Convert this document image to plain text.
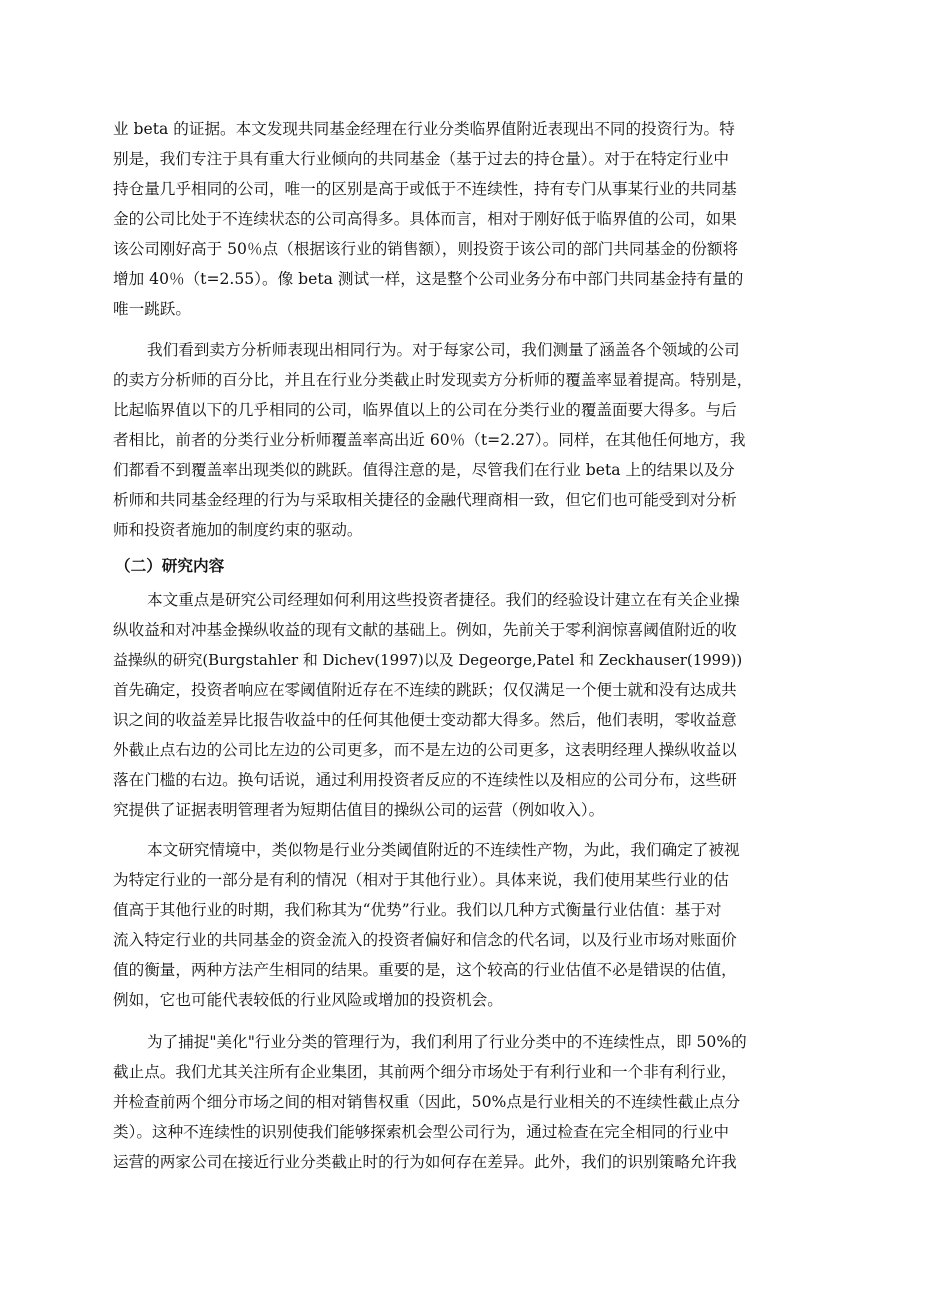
业 beta 的证据。本文发现共同基金经理在行业分类临界值附近表现出不同的投资行为。特
别是，我们专注于具有重大行业倾向的共同基金（基于过去的持仓量）。对于在特定行业中
持仓量几乎相同的公司，唯一的区别是高于或低于不连续性，持有专门从事某行业的共同基
金的公司比处于不连续状态的公司高得多。具体而言，相对于刚好低于临界值的公司，如果
该公司刚好高于 50％点（根据该行业的销售额），则投资于该公司的部门共同基金的份额将
增加 40％（t=2.55）。像 beta 测试一样，这是整个公司业务分布中部门共同基金持有量的
唯一跳跃。
我们看到卖方分析师表现出相同行为。对于每家公司，我们测量了涵盖各个领域的公司
的卖方分析师的百分比，并且在行业分类截止时发现卖方分析师的覆盖率显着提高。特别是，
比起临界值以下的几乎相同的公司，临界值以上的公司在分类行业的覆盖面要大得多。与后
者相比，前者的分类行业分析师覆盖率高出近 60％（t=2.27）。同样，在其他任何地方，我
们都看不到覆盖率出现类似的跳跃。值得注意的是，尽管我们在行业 beta 上的结果以及分
析师和共同基金经理的行为与采取相关捷径的金融代理商相一致，但它们也可能受到对分析
师和投资者施加的制度约束的驱动。
（二）研究内容
本文重点是研究公司经理如何利用这些投资者捷径。我们的经验设计建立在有关企业操
纵收益和对冲基金操纵收益的现有文献的基础上。例如，先前关于零利润惊喜阈值附近的收
益操纵的研究(Burgstahler 和 Dichev(1997)以及 Degeorge,Patel 和 Zeckhauser(1999))
首先确定，投资者响应在零阈值附近存在不连续的跳跃；仅仅满足一个便士就和没有达成共
识之间的收益差异比报告收益中的任何其他便士变动都大得多。然后，他们表明，零收益意
外截止点右边的公司比左边的公司更多，而不是左边的公司更多，这表明经理人操纵收益以
落在门槛的右边。换句话说，通过利用投资者反应的不连续性以及相应的公司分布，这些研
究提供了证据表明管理者为短期估值目的操纵公司的运营（例如收入）。
本文研究情境中，类似物是行业分类阈值附近的不连续性产物，为此，我们确定了被视
为特定行业的一部分是有利的情况（相对于其他行业）。具体来说，我们使用某些行业的估
值高于其他行业的时期，我们称其为“优势”行业。我们以几种方式衡量行业估值：基于对
流入特定行业的共同基金的资金流入的投资者偏好和信念的代名词，以及行业市场对账面价
值的衡量，两种方法产生相同的结果。重要的是，这个较高的行业估值不必是错误的估值，
例如，它也可能代表较低的行业风险或增加的投资机会。
为了捕捉"美化"行业分类的管理行为，我们利用了行业分类中的不连续性点，即 50%的
截止点。我们尤其关注所有企业集团，其前两个细分市场处于有利行业和一个非有利行业，
并检查前两个细分市场之间的相对销售权重（因此，50%点是行业相关的不连续性截止点分
类）。这种不连续性的识别使我们能够探索机会型公司行为，通过检查在完全相同的行业中
运营的两家公司在接近行业分类截止时的行为如何存在差异。此外，我们的识别策略允许我
